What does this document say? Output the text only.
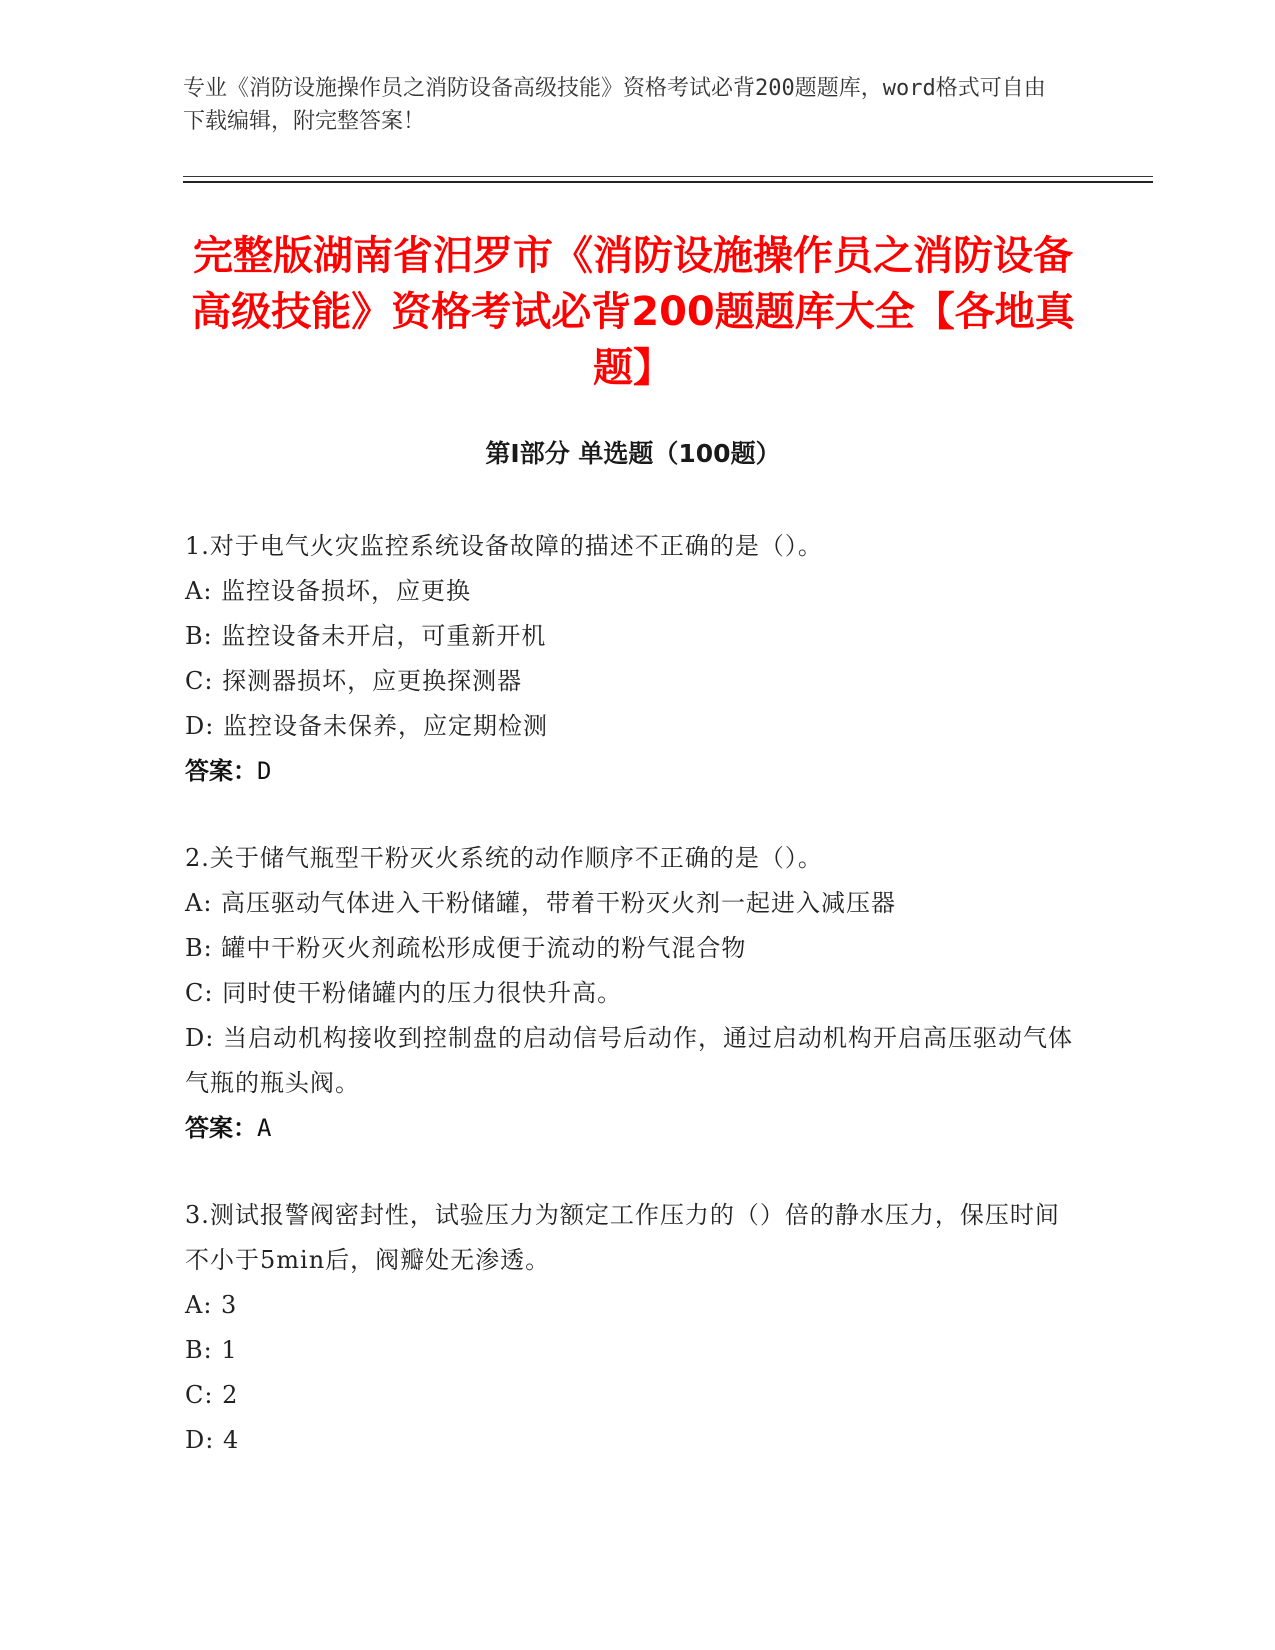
专业《消防设施操作员之消防设备高级技能》资格考试必背200题题库，word格式可自由下载编辑，附完整答案！

完整版湖南省汨罗市《消防设施操作员之消防设备高级技能》资格考试必背200题题库大全【各地真题】
第Ⅰ部分 单选题（100题）

1.对于电气火灾监控系统设备故障的描述不正确的是（）。

A: 监控设备损坏，应更换

B: 监控设备未开启，可重新开机

C: 探测器损坏，应更换探测器

D: 监控设备未保养，应定期检测

答案：D

2.关于储气瓶型干粉灭火系统的动作顺序不正确的是（）。

A: 高压驱动气体进入干粉储罐，带着干粉灭火剂一起进入减压器

B: 罐中干粉灭火剂疏松形成便于流动的粉气混合物

C: 同时使干粉储罐内的压力很快升高。

D: 当启动机构接收到控制盘的启动信号后动作，通过启动机构开启高压驱动气体气瓶的瓶头阀。

答案：A

3.测试报警阀密封性，试验压力为额定工作压力的（）倍的静水压力，保压时间不小于5min后，阀瓣处无渗透。

A: 3

B: 1

C: 2

D: 4
